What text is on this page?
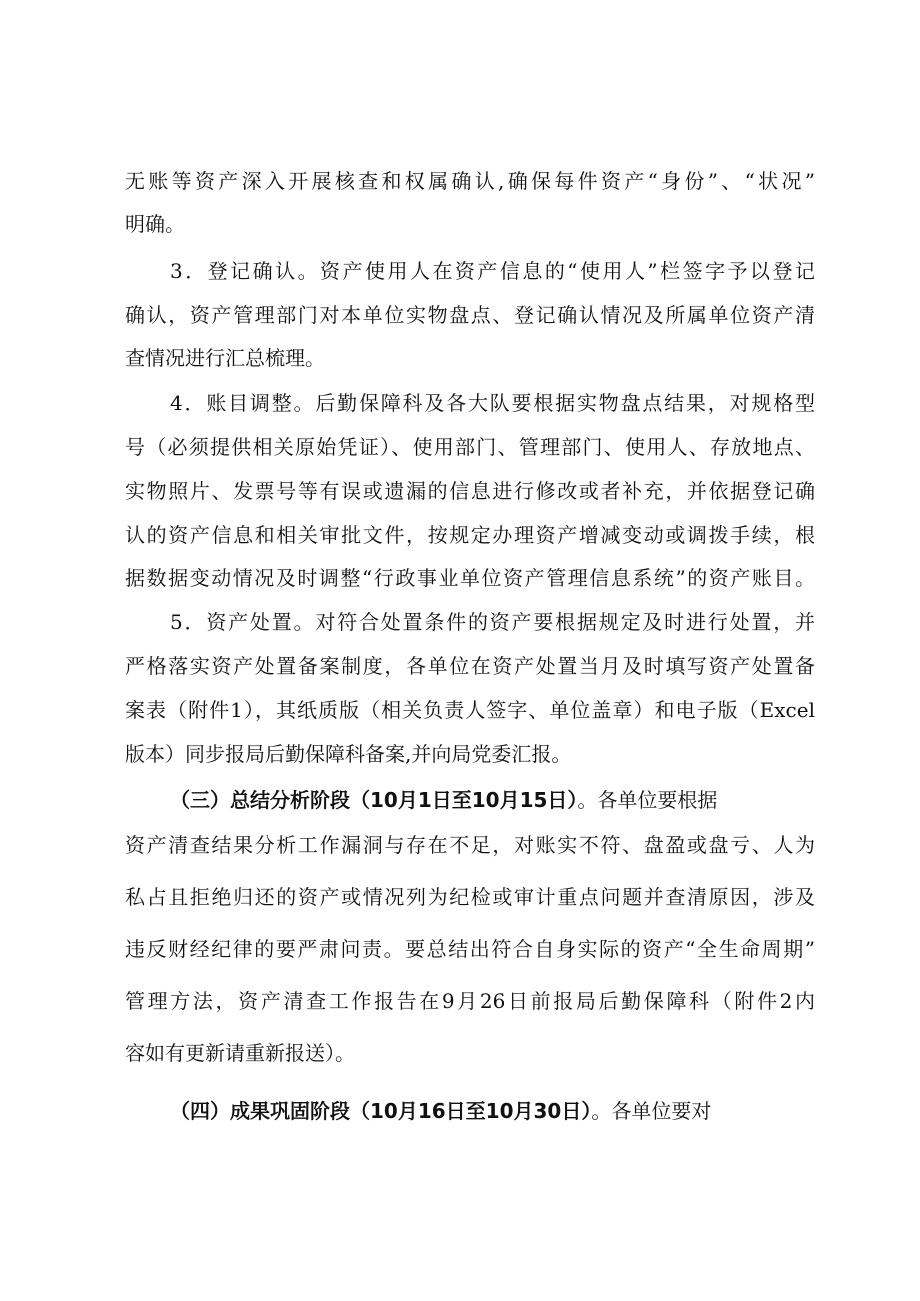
无账等资产深入开展核查和权属确认,确保每件资产“身份”、“状况”
明确。
3．登记确认。资产使用人在资产信息的“使用人”栏签字予以登记
确认，资产管理部门对本单位实物盘点、登记确认情况及所属单位资产清
查情况进行汇总梳理。
4．账目调整。后勤保障科及各大队要根据实物盘点结果，对规格型
号（必须提供相关原始凭证）、使用部门、管理部门、使用人、存放地点、
实物照片、发票号等有误或遗漏的信息进行修改或者补充，并依据登记确
认的资产信息和相关审批文件，按规定办理资产增减变动或调拨手续，根
据数据变动情况及时调整“行政事业单位资产管理信息系统”的资产账目。
5．资产处置。对符合处置条件的资产要根据规定及时进行处置，并
严格落实资产处置备案制度，各单位在资产处置当月及时填写资产处置备
案表（附件1），其纸质版（相关负责人签字、单位盖章）和电子版（Excel
版本）同步报局后勤保障科备案,并向局党委汇报。
（三）总结分析阶段（10月1日至10月15日）。各单位要根据
资产清查结果分析工作漏洞与存在不足，对账实不符、盘盈或盘亏、人为
私占且拒绝归还的资产或情况列为纪检或审计重点问题并查清原因，涉及
违反财经纪律的要严肃问责。要总结出符合自身实际的资产“全生命周期”
管理方法，资产清查工作报告在9月26日前报局后勤保障科（附件2内
容如有更新请重新报送）。
（四）成果巩固阶段（10月16日至10月30日）。各单位要对
